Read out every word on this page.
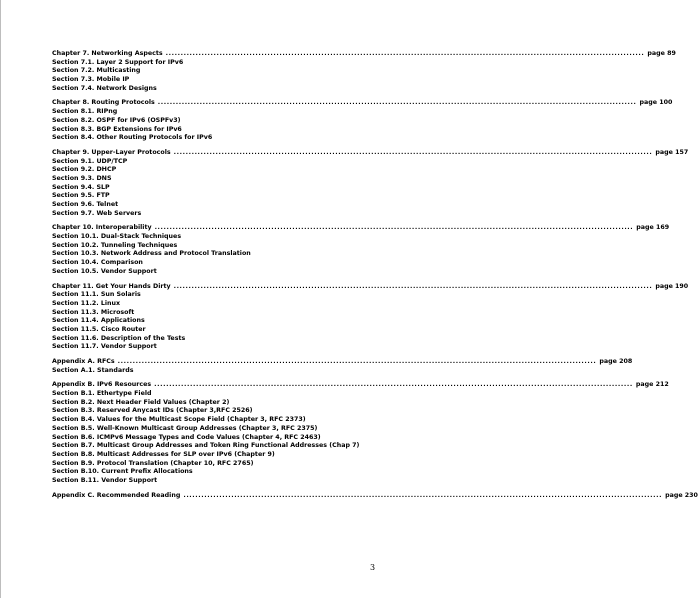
Chapter 7. Networking Aspects ................................................................................................................................................................ page 89
Section 7.1. Layer 2 Support for IPv6
Section 7.2. Multicasting
Section 7.3. Mobile IP
Section 7.4. Network Designs
Chapter 8. Routing Protocols ................................................................................................................................................................ page 100
Section 8.1. RIPng
Section 8.2. OSPF for IPv6 (OSPFv3)
Section 8.3. BGP Extensions for IPv6
Section 8.4. Other Routing Protocols for IPv6
Chapter 9. Upper-Layer Protocols ................................................................................................................................................................ page 157
Section 9.1. UDP/TCP
Section 9.2. DHCP
Section 9.3. DNS
Section 9.4. SLP
Section 9.5. FTP
Section 9.6. Telnet
Section 9.7. Web Servers
Chapter 10. Interoperability ................................................................................................................................................................ page 169
Section 10.1. Dual-Stack Techniques
Section 10.2. Tunneling Techniques
Section 10.3. Network Address and Protocol Translation
Section 10.4. Comparison
Section 10.5. Vendor Support
Chapter 11. Get Your Hands Dirty ................................................................................................................................................................ page 190
Section 11.1. Sun Solaris
Section 11.2. Linux
Section 11.3. Microsoft
Section 11.4. Applications
Section 11.5. Cisco Router
Section 11.6. Description of the Tests
Section 11.7. Vendor Support
Appendix A. RFCs ................................................................................................................................................................ page 208
Section A.1. Standards
Appendix B. IPv6 Resources ................................................................................................................................................................ page 212
Section B.1. Ethertype Field
Section B.2. Next Header Field Values (Chapter 2)
Section B.3. Reserved Anycast IDs (Chapter 3,RFC 2526)
Section B.4. Values for the Multicast Scope Field (Chapter 3, RFC 2373)
Section B.5. Well-Known Multicast Group Addresses (Chapter 3, RFC 2375)
Section B.6. ICMPv6 Message Types and Code Values (Chapter 4, RFC 2463)
Section B.7. Multicast Group Addresses and Token Ring Functional Addresses (Chap 7)
Section B.8. Multicast Addresses for SLP over IPv6 (Chapter 9)
Section B.9. Protocol Translation (Chapter 10, RFC 2765)
Section B.10. Current Prefix Allocations
Section B.11. Vendor Support
Appendix C. Recommended Reading ................................................................................................................................................................ page 230
3
